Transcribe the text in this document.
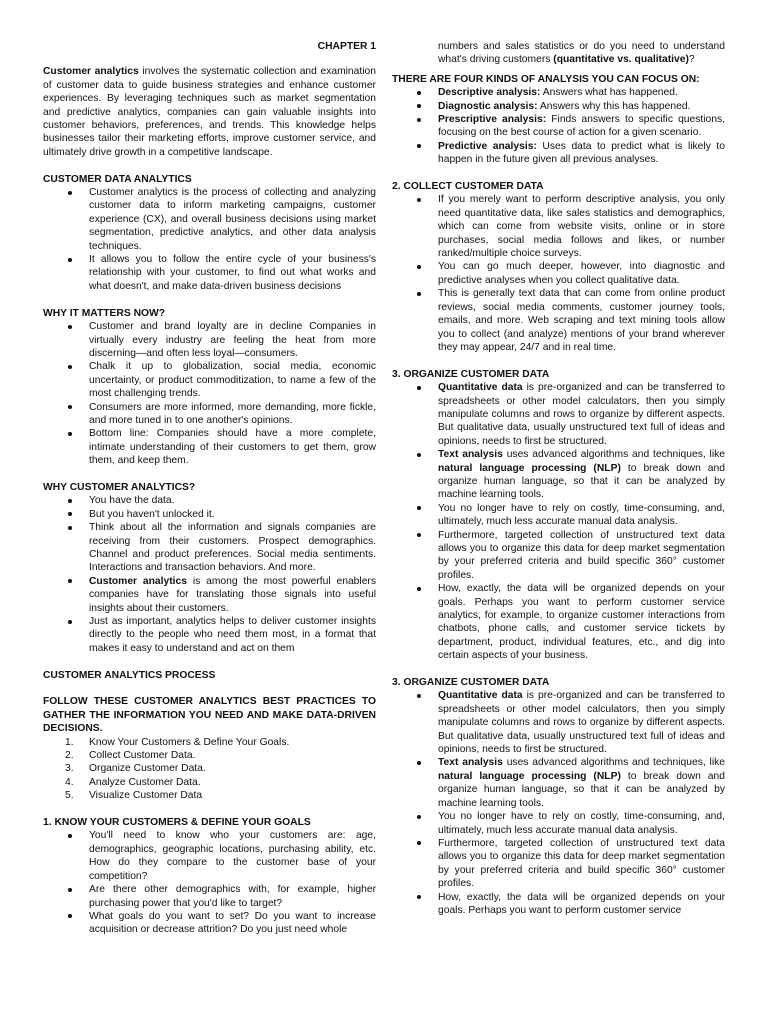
CHAPTER 1

Customer analytics involves the systematic collection and examination of customer data to guide business strategies and enhance customer experiences. By leveraging techniques such as market segmentation and predictive analytics, companies can gain valuable insights into customer behaviors, preferences, and trends. This knowledge helps businesses tailor their marketing efforts, improve customer service, and ultimately drive growth in a competitive landscape.

CUSTOMER DATA ANALYTICS

Customer analytics is the process of collecting and analyzing customer data to inform marketing campaigns, customer experience (CX), and overall business decisions using market segmentation, predictive analytics, and other data analysis techniques.
It allows you to follow the entire cycle of your business's relationship with your customer, to find out what works and what doesn't, and make data-driven business decisions

WHY IT MATTERS NOW?

Customer and brand loyalty are in decline Companies in virtually every industry are feeling the heat from more discerning—and often less loyal—consumers.
Chalk it up to globalization, social media, economic uncertainty, or product commoditization, to name a few of the most challenging trends.
Consumers are more informed, more demanding, more fickle, and more tuned in to one another's opinions.
Bottom line: Companies should have a more complete, intimate understanding of their customers to get them, grow them, and keep them.

WHY CUSTOMER ANALYTICS?

You have the data.
But you haven't unlocked it.
Think about all the information and signals companies are receiving from their customers. Prospect demographics. Channel and product preferences. Social media sentiments. Interactions and transaction behaviors. And more.
Customer analytics is among the most powerful enablers companies have for translating those signals into useful insights about their customers.
Just as important, analytics helps to deliver customer insights directly to the people who need them most, in a format that makes it easy to understand and act on them

CUSTOMER ANALYTICS PROCESS

FOLLOW THESE CUSTOMER ANALYTICS BEST PRACTICES TO GATHER THE INFORMATION YOU NEED AND MAKE DATA-DRIVEN DECISIONS.

1. Know Your Customers & Define Your Goals.
2. Collect Customer Data.
3. Organize Customer Data.
4. Analyze Customer Data.
5. Visualize Customer Data

1. KNOW YOUR CUSTOMERS & DEFINE YOUR GOALS

You'll need to know who your customers are: age, demographics, geographic locations, purchasing ability, etc. How do they compare to the customer base of your competition?
Are there other demographics with, for example, higher purchasing power that you'd like to target?
What goals do you want to set? Do you want to increase acquisition or decrease attrition? Do you just need whole

numbers and sales statistics or do you need to understand what's driving customers (quantitative vs. qualitative)?

THERE ARE FOUR KINDS OF ANALYSIS YOU CAN FOCUS ON:

Descriptive analysis: Answers what has happened.
Diagnostic analysis: Answers why this has happened.
Prescriptive analysis: Finds answers to specific questions, focusing on the best course of action for a given scenario.
Predictive analysis: Uses data to predict what is likely to happen in the future given all previous analyses.

2. COLLECT CUSTOMER DATA

If you merely want to perform descriptive analysis, you only need quantitative data, like sales statistics and demographics, which can come from website visits, online or in store purchases, social media follows and likes, or number ranked/multiple choice surveys.
You can go much deeper, however, into diagnostic and predictive analyses when you collect qualitative data.
This is generally text data that can come from online product reviews, social media comments, customer journey tools, emails, and more. Web scraping and text mining tools allow you to collect (and analyze) mentions of your brand wherever they may appear, 24/7 and in real time.

3. ORGANIZE CUSTOMER DATA

Quantitative data is pre-organized and can be transferred to spreadsheets or other model calculators, then you simply manipulate columns and rows to organize by different aspects. But qualitative data, usually unstructured text full of ideas and opinions, needs to first be structured.
Text analysis uses advanced algorithms and techniques, like natural language processing (NLP) to break down and organize human language, so that it can be analyzed by machine learning tools.
You no longer have to rely on costly, time-consuming, and, ultimately, much less accurate manual data analysis.
Furthermore, targeted collection of unstructured text data allows you to organize this data for deep market segmentation by your preferred criteria and build specific 360° customer profiles.
How, exactly, the data will be organized depends on your goals. Perhaps you want to perform customer service analytics, for example, to organize customer interactions from chatbots, phone calls, and customer service tickets by department, product, individual features, etc., and dig into certain aspects of your business.

3. ORGANIZE CUSTOMER DATA

Quantitative data is pre-organized and can be transferred to spreadsheets or other model calculators, then you simply manipulate columns and rows to organize by different aspects. But qualitative data, usually unstructured text full of ideas and opinions, needs to first be structured.
Text analysis uses advanced algorithms and techniques, like natural language processing (NLP) to break down and organize human language, so that it can be analyzed by machine learning tools.
You no longer have to rely on costly, time-consuming, and, ultimately, much less accurate manual data analysis.
Furthermore, targeted collection of unstructured text data allows you to organize this data for deep market segmentation by your preferred criteria and build specific 360° customer profiles.
How, exactly, the data will be organized depends on your goals. Perhaps you want to perform customer service
